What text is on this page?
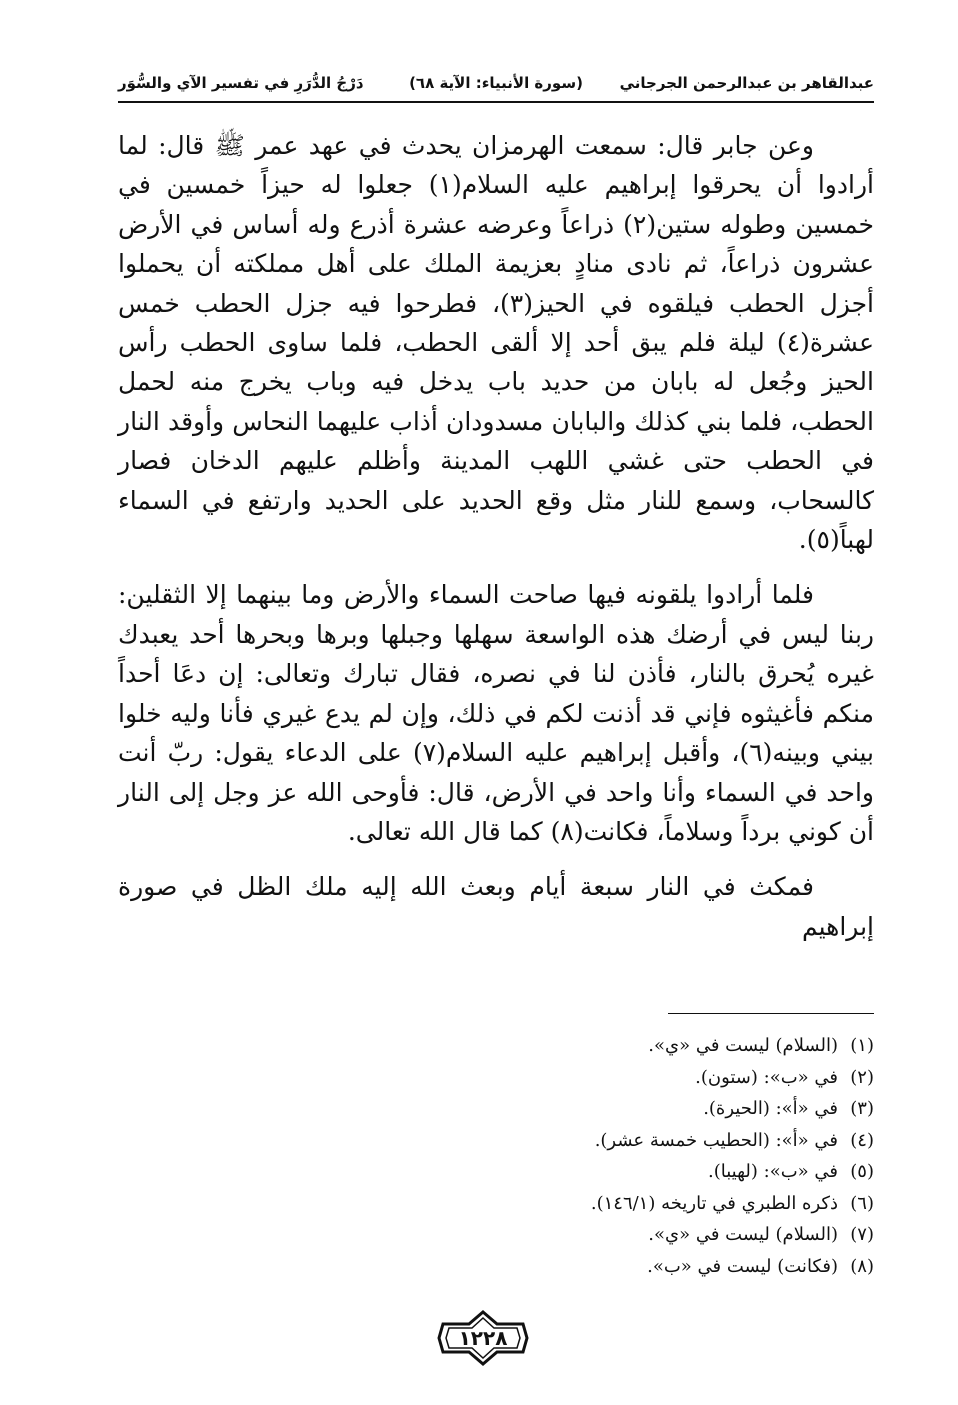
عبدالقاهر بن عبدالرحمن الجرجاني
(سورة الأنبياء: الآية ٦٨)
دَرْجُ الدُّرَرِ في تفسير الآي والسُّوَر

وعن جابر قال: سمعت الهرمزان يحدث في عهد عمر ﷺ قال: لما أرادوا أن يحرقوا إبراهيم عليه السلام(١) جعلوا له حيزاً خمسين في خمسين وطوله ستين(٢) ذراعاً وعرضه عشرة أذرع وله أساس في الأرض عشرون ذراعاً، ثم نادى منادٍ بعزيمة الملك على أهل مملكته أن يحملوا أجزل الحطب فيلقوه في الحيز(٣)، فطرحوا فيه جزل الحطب خمس عشرة(٤) ليلة فلم يبق أحد إلا ألقى الحطب، فلما ساوى الحطب رأس الحيز وجُعل له بابان من حديد باب يدخل فيه وباب يخرج منه لحمل الحطب، فلما بني كذلك والبابان مسدودان أذاب عليهما النحاس وأوقد النار في الحطب حتى غشي اللهب المدينة وأظلم عليهم الدخان فصار كالسحاب، وسمع للنار مثل وقع الحديد على الحديد وارتفع في السماء لهباً(٥).

فلما أرادوا يلقونه فيها صاحت السماء والأرض وما بينهما إلا الثقلين: ربنا ليس في أرضك هذه الواسعة سهلها وجبلها وبرها وبحرها أحد يعبدك غيره يُحرق بالنار، فأذن لنا في نصره، فقال تبارك وتعالى: إن دعَا أحداً منكم فأغيثوه فإني قد أذنت لكم في ذلك، وإن لم يدع غيري فأنا وليه خلوا بيني وبينه(٦)، وأقبل إبراهيم عليه السلام(٧) على الدعاء يقول: ربّ أنت واحد في السماء وأنا واحد في الأرض، قال: فأوحى الله عز وجل إلى النار أن كوني برداً وسلاماً، فكانت(٨) كما قال الله تعالى.

فمكث في النار سبعة أيام وبعث الله إليه ملك الظل في صورة إبراهيم

(١)(السلام) ليست في «ي».
(٢)في «ب»: (ستون).
(٣)في «أ»: (الحيرة).
(٤)في «أ»: (الحطيب خمسة عشر).
(٥)في «ب»: (لهيبا).
(٦)ذكره الطبري في تاريخه (١٤٦/١).
(٧)(السلام) ليست في «ي».
(٨)(فكانت) ليست في «ب».
١٢٢٨
